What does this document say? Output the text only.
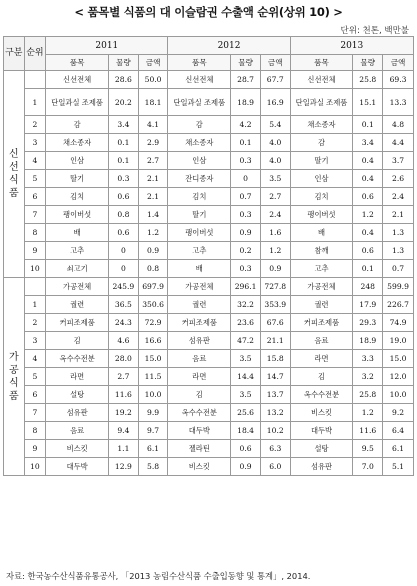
< 품목별 식품의 대 이슬람권 수출액 순위(상위 10) >
단위: 천톤, 백만불
구분	순위	2011			2012			2013		
		품목	물량	금액	품목	물량	금액	품목	물량	금액

신
선
식
품		신선전체	28.6	50.0	신선전체	28.7	67.7	신선전체	25.8	69.3
	1	단일과실 조제품	20.2	18.1	단일과실 조제품	18.9	16.9	단일과실 조제품	15.1	13.3
	2	감	3.4	4.1	감	4.2	5.4	채소종자	0.1	4.8
	3	채소종자	0.1	2.9	채소종자	0.1	4.0	감	3.4	4.4
	4	인삼	0.1	2.7	인삼	0.3	4.0	딸기	0.4	3.7
	5	딸기	0.3	2.1	잔디종자	0	3.5	인삼	0.4	2.6
	6	김치	0.6	2.1	김치	0.7	2.7	김치	0.6	2.4
	7	팽이버섯	0.8	1.4	딸기	0.3	2.4	팽이버섯	1.2	2.1
	8	배	0.6	1.2	팽이버섯	0.9	1.6	배	0.4	1.3
	9	고추	0	0.9	고추	0.2	1.2	참깨	0.6	1.3
	10	쇠고기	0	0.8	배	0.3	0.9	고추	0.1	0.7

가
공
식
품		가공전체	245.9	697.9	가공전체	296.1	727.8	가공전체	248	599.9
	1	궐련	36.5	350.6	궐련	32.2	353.9	궐련	17.9	226.7
	2	커피조제품	24.3	72.9	커피조제품	23.6	67.6	커피조제품	29.3	74.9
	3	김	4.6	16.6	섬유판	47.2	21.1	음료	18.9	19.0
	4	옥수수전분	28.0	15.0	음료	3.5	15.8	라면	3.3	15.0
	5	라면	2.7	11.5	라면	14.4	14.7	김	3.2	12.0
	6	설탕	11.6	10.0	김	3.5	13.7	옥수수전분	25.8	10.0
	7	섬유판	19.2	9.9	옥수수전분	25.6	13.2	비스킷	1.2	9.2
	8	음료	9.4	9.7	대두박	18.4	10.2	대두박	11.6	6.4
	9	비스킷	1.1	6.1	젤라틴	0.6	6.3	설탕	9.5	6.1
	10	대두박	12.9	5.8	비스킷	0.9	6.0	섬유판	7.0	5.1
자료: 한국농수산식품유통공사, 「2013 농림수산식품 수출입동향 및 통계」, 2014.
